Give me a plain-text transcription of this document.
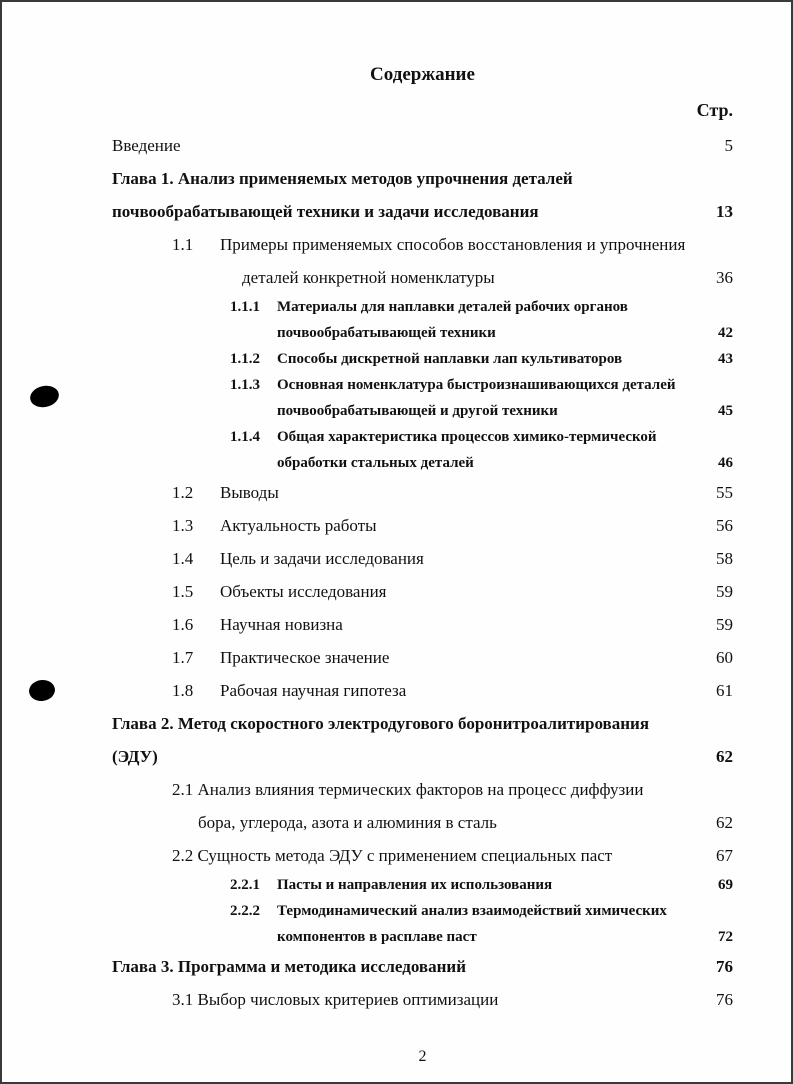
Содержание
Стр.
Введение	5
Глава 1. Анализ применяемых методов упрочнения деталей
почвообрабатывающей техники и задачи исследования	13
1.1	Примеры применяемых способов восстановления и упрочнения
деталей конкретной номенклатуры	36
1.1.1	Материалы для наплавки деталей рабочих органов
почвообрабатывающей техники	42
1.1.2	Способы дискретной наплавки лап культиваторов	43
1.1.3	Основная номенклатура быстроизнашивающихся деталей
почвообрабатывающей и другой техники	45
1.1.4	Общая характеристика процессов химико-термической
обработки стальных деталей	46
1.2	Выводы	55
1.3	Актуальность работы	56
1.4	Цель и задачи исследования	58
1.5	Объекты исследования	59
1.6	Научная новизна	59
1.7	Практическое значение	60
1.8	Рабочая научная гипотеза	61
Глава 2. Метод скоростного электродугового боронитроалитирования
(ЭДУ)	62
2.1 Анализ влияния термических факторов на процесс диффузии
бора, углерода, азота и алюминия в сталь	62
2.2 Сущность метода ЭДУ с применением специальных паст	67
2.2.1	Пасты и направления их использования	69
2.2.2	Термодинамический анализ взаимодействий химических
компонентов в расплаве паст	72
Глава 3. Программа и методика исследований	76
3.1 Выбор числовых критериев оптимизации	76
2
